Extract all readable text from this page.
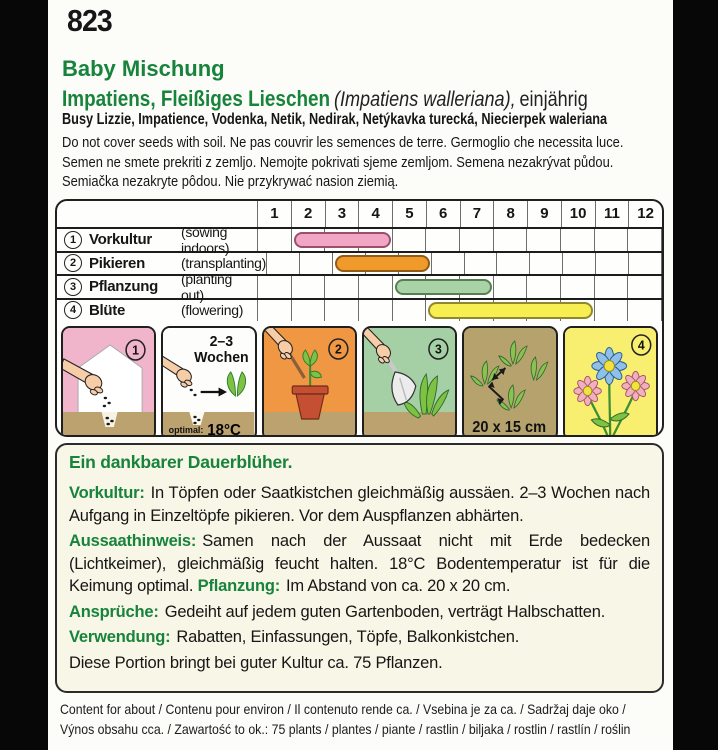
823
Baby Mischung
Impatiens, Fleißiges Lieschen (Impatiens walleriana), einjährig
Busy Lizzie, Impatience, Vodenka, Netik, Nedirak, Netýkavka turecká, Niecierpek waleriana
Do not cover seeds with soil. Ne pas couvrir les semences de terre. Germoglio che necessita luce.
Semen ne smete prekriti z zemljo. Nemojte pokrivati sjeme zemljom. Semena nezakrývat půdou.
Semiačka nezakryte pôdou. Nie przykrywać nasion ziemią.
1	2	3	4	5	6	7	8	9	10	11	12
1 Vorkultur	(sowing indoors)
2 Pikieren	(transplanting)
3 Pflanzung	(planting out)
4 Blüte	(flowering)
1
2–3
Wochen
optimal: 18°C
2	3
20 x 15 cm
4
Ein dankbarer Dauerblüher.

Vorkultur: In Töpfen oder Saatkistchen gleichmäßig aussäen. 2–3 Wochen nach Aufgang in Einzeltöpfe pikieren. Vor dem Auspflanzen abhärten.

Aussaathinweis: Samen nach der Aussaat nicht mit Erde bedecken (Lichtkeimer), gleichmäßig feucht halten. 18°C Bodentemperatur ist für die Keimung optimal. Pflanzung: Im Abstand von ca. 20 x 20 cm.

Ansprüche: Gedeiht auf jedem guten Gartenboden, verträgt Halbschatten.

Verwendung: Rabatten, Einfassungen, Töpfe, Balkonkistchen.

Diese Portion bringt bei guter Kultur ca. 75 Pflanzen.

Content for about / Contenu pour environ / Il contenuto rende ca. / Vsebina je za ca. / Sadržaj daje oko /
Výnos obsahu cca. / Zawartość to ok.: 75 plants / plantes / piante / rastlin / biljaka / rostlin / rastlín / roślin
